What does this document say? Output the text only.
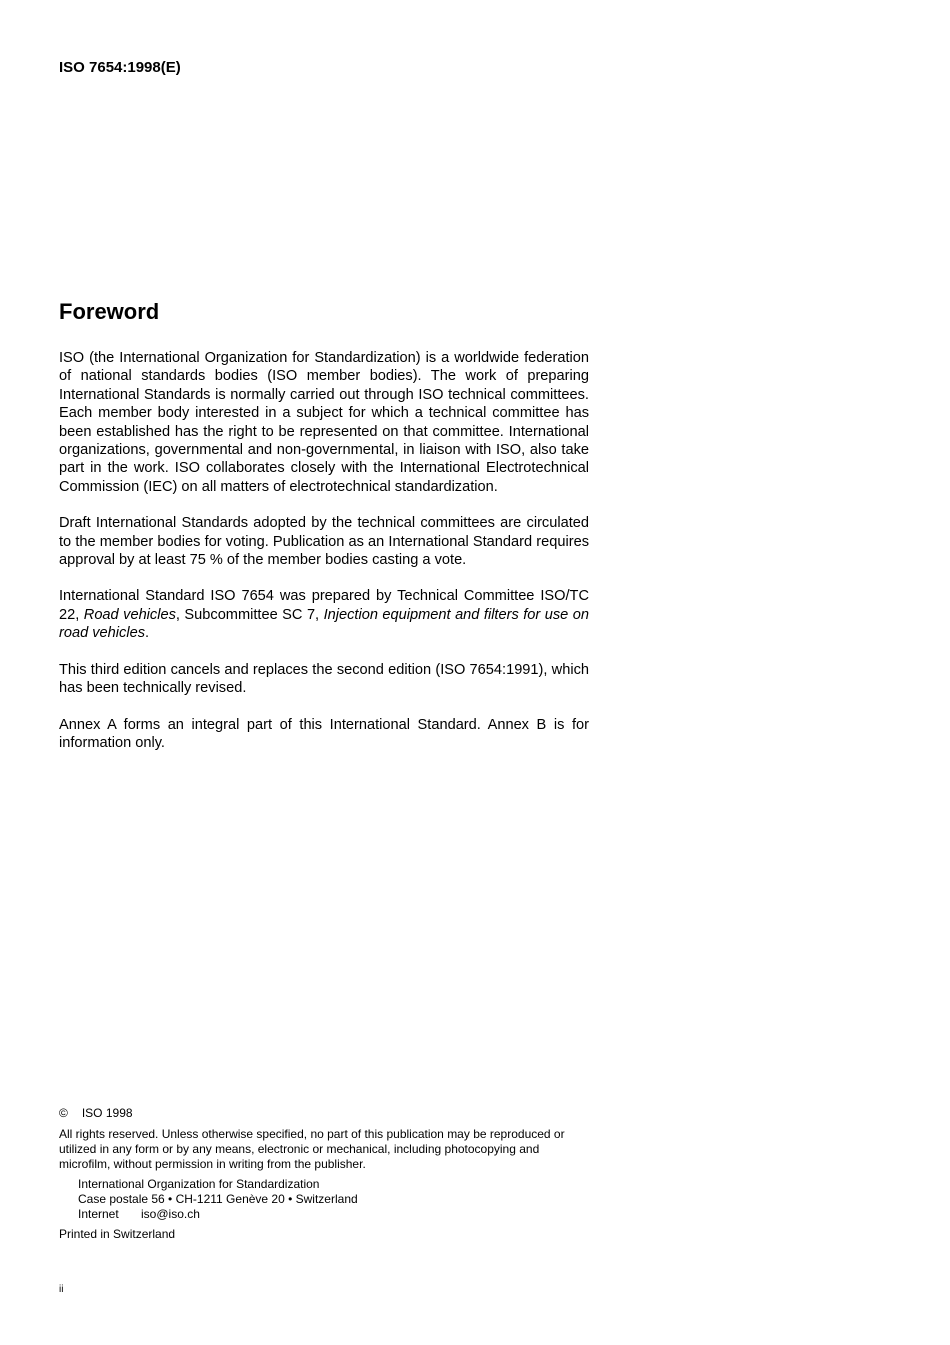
ISO 7654:1998(E)

Foreword

ISO (the International Organization for Standardization) is a worldwide federation of national standards bodies (ISO member bodies). The work of preparing International Standards is normally carried out through ISO technical committees. Each member body interested in a subject for which a technical committee has been established has the right to be represented on that committee. International organizations, governmental and non-governmental, in liaison with ISO, also take part in the work. ISO collaborates closely with the International Electrotechnical Commission (IEC) on all matters of electrotechnical standardization.

Draft International Standards adopted by the technical committees are circulated to the member bodies for voting. Publication as an International Standard requires approval by at least 75 % of the member bodies casting a vote.

International Standard ISO 7654 was prepared by Technical Committee ISO/TC 22, Road vehicles, Subcommittee SC 7, Injection equipment and filters for use on road vehicles.

This third edition cancels and replaces the second edition (ISO 7654:1991), which has been technically revised.

Annex A forms an integral part of this International Standard. Annex B is for information only.

© ISO 1998

All rights reserved. Unless otherwise specified, no part of this publication may be reproduced or utilized in any form or by any means, electronic or mechanical, including photocopying and microfilm, without permission in writing from the publisher.

International Organization for Standardization

Case postale 56 • CH-1211 Genève 20 • Switzerland

Internet iso@iso.ch

Printed in Switzerland

ii
